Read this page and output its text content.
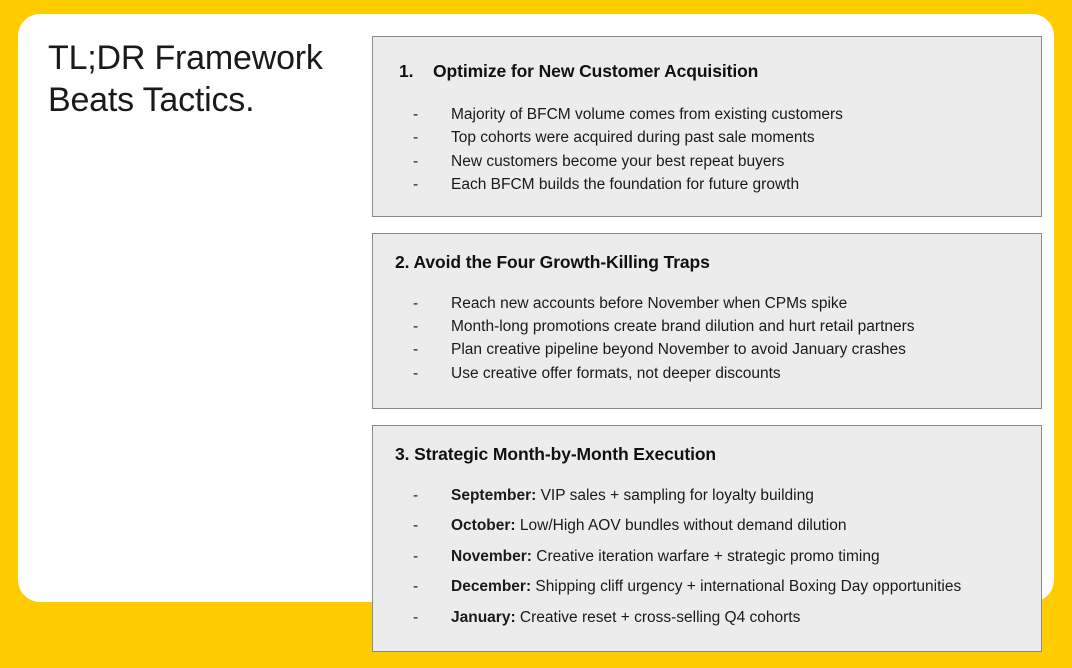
TL;DR Framework Beats Tactics.
1. Optimize for New Customer Acquisition
- Majority of BFCM volume comes from existing customers
- Top cohorts were acquired during past sale moments
- New customers become your best repeat buyers
- Each BFCM builds the foundation for future growth
2. Avoid the Four Growth-Killing Traps
- Reach new accounts before November when CPMs spike
- Month-long promotions create brand dilution and hurt retail partners
- Plan creative pipeline beyond November to avoid January crashes
- Use creative offer formats, not deeper discounts
3. Strategic Month-by-Month Execution
- September: VIP sales + sampling for loyalty building
- October: Low/High AOV bundles without demand dilution
- November: Creative iteration warfare + strategic promo timing
- December: Shipping cliff urgency + international Boxing Day opportunities
- January: Creative reset + cross-selling Q4 cohorts
